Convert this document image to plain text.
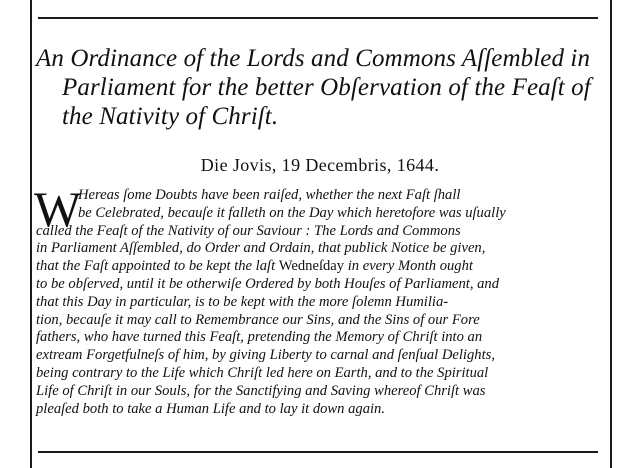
An Ordinance of the Lords and Commons Aſſembled in
Parliament for the better Obſervation of the Feaſt of
the Nativity of Chriſt.

Die Jovis, 19 Decembris, 1644.

W
Hereas ſome Doubts have been raiſed, whether the next Faſt ſhall
be Celebrated, becauſe it falleth on the Day which heretofore was uſually
called the Feaſt of the Nativity of our Saviour : The Lords and Commons
in Parliament Aſſembled, do Order and Ordain, that publick Notice be given,
that the Faſt appointed to be kept the laſt Wedneſday in every Month ought
to be obſerved, until it be otherwiſe Ordered by both Houſes of Parliament, and
that this Day in particular, is to be kept with the more ſolemn Humilia-
tion, becauſe it may call to Remembrance our Sins, and the Sins of our Fore
fathers, who have turned this Feaſt, pretending the Memory of Chriſt into an
extream Forgetfulneſs of him, by giving Liberty to carnal and ſenſual Delights,
being contrary to the Life which Chriſt led here on Earth, and to the Spiritual
Life of Chriſt in our Souls, for the Sanctifying and Saving whereof Chriſt was
pleaſed both to take a Human Life and to lay it down again.
